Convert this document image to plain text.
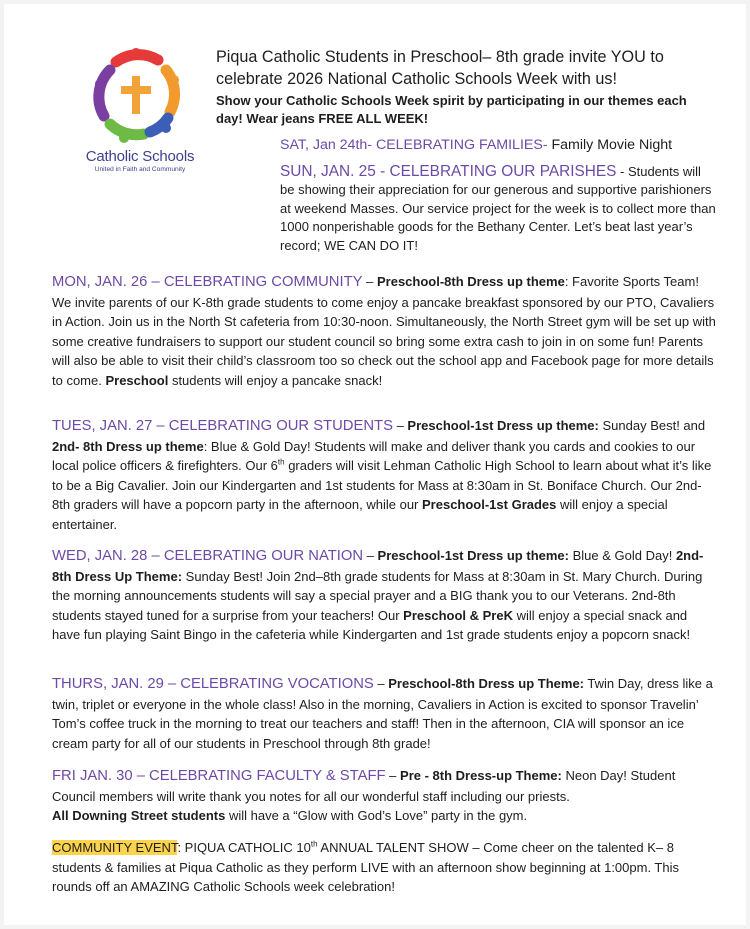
Catholic Schools
United in Faith and Community
Piqua Catholic Students in Preschool– 8th grade invite YOU to celebrate 2026 National Catholic Schools Week with us!
Show your Catholic Schools Week spirit by participating in our themes each day! Wear jeans FREE ALL WEEK!
SAT, Jan 24th- CELEBRATING FAMILIES- Family Movie Night
SUN, JAN. 25 - CELEBRATING OUR PARISHES - Students will be showing their appreciation for our generous and supportive parishioners at weekend Masses. Our service project for the week is to collect more than 1000 nonperishable goods for the Bethany Center. Let’s beat last year’s record; WE CAN DO IT!
MON, JAN. 26 – CELEBRATING COMMUNITY – Preschool-8th Dress up theme: Favorite Sports Team! We invite parents of our K-8th grade students to come enjoy a pancake breakfast sponsored by our PTO, Cavaliers in Action. Join us in the North St cafeteria from 10:30-noon. Simultaneously, the North Street gym will be set up with some creative fundraisers to support our student council so bring some extra cash to join in on some fun! Parents will also be able to visit their child’s classroom too so check out the school app and Facebook page for more details to come. Preschool students will enjoy a pancake snack!
TUES, JAN. 27 – CELEBRATING OUR STUDENTS – Preschool-1st Dress up theme: Sunday Best! and 2nd- 8th Dress up theme: Blue & Gold Day! Students will make and deliver thank you cards and cookies to our local police officers & firefighters. Our 6th graders will visit Lehman Catholic High School to learn about what it’s like to be a Big Cavalier. Join our Kindergarten and 1st students for Mass at 8:30am in St. Boniface Church. Our 2nd-8th graders will have a popcorn party in the afternoon, while our Preschool-1st Grades will enjoy a special entertainer.
WED, JAN. 28 – CELEBRATING OUR NATION – Preschool-1st Dress up theme: Blue & Gold Day! 2nd-8th Dress Up Theme: Sunday Best! Join 2nd–8th grade students for Mass at 8:30am in St. Mary Church. During the morning announcements students will say a special prayer and a BIG thank you to our Veterans. 2nd-8th students stayed tuned for a surprise from your teachers! Our Preschool & PreK will enjoy a special snack and have fun playing Saint Bingo in the cafeteria while Kindergarten and 1st grade students enjoy a popcorn snack!
THURS, JAN. 29 – CELEBRATING VOCATIONS – Preschool-8th Dress up Theme: Twin Day, dress like a twin, triplet or everyone in the whole class! Also in the morning, Cavaliers in Action is excited to sponsor Travelin’ Tom’s coffee truck in the morning to treat our teachers and staff! Then in the afternoon, CIA will sponsor an ice cream party for all of our students in Preschool through 8th grade!
FRI JAN. 30 – CELEBRATING FACULTY & STAFF – Pre - 8th Dress-up Theme: Neon Day! Student Council members will write thank you notes for all our wonderful staff including our priests.
All Downing Street students will have a “Glow with God’s Love” party in the gym.
COMMUNITY EVENT: PIQUA CATHOLIC 10th ANNUAL TALENT SHOW – Come cheer on the talented K– 8 students & families at Piqua Catholic as they perform LIVE with an afternoon show beginning at 1:00pm. This rounds off an AMAZING Catholic Schools week celebration!
